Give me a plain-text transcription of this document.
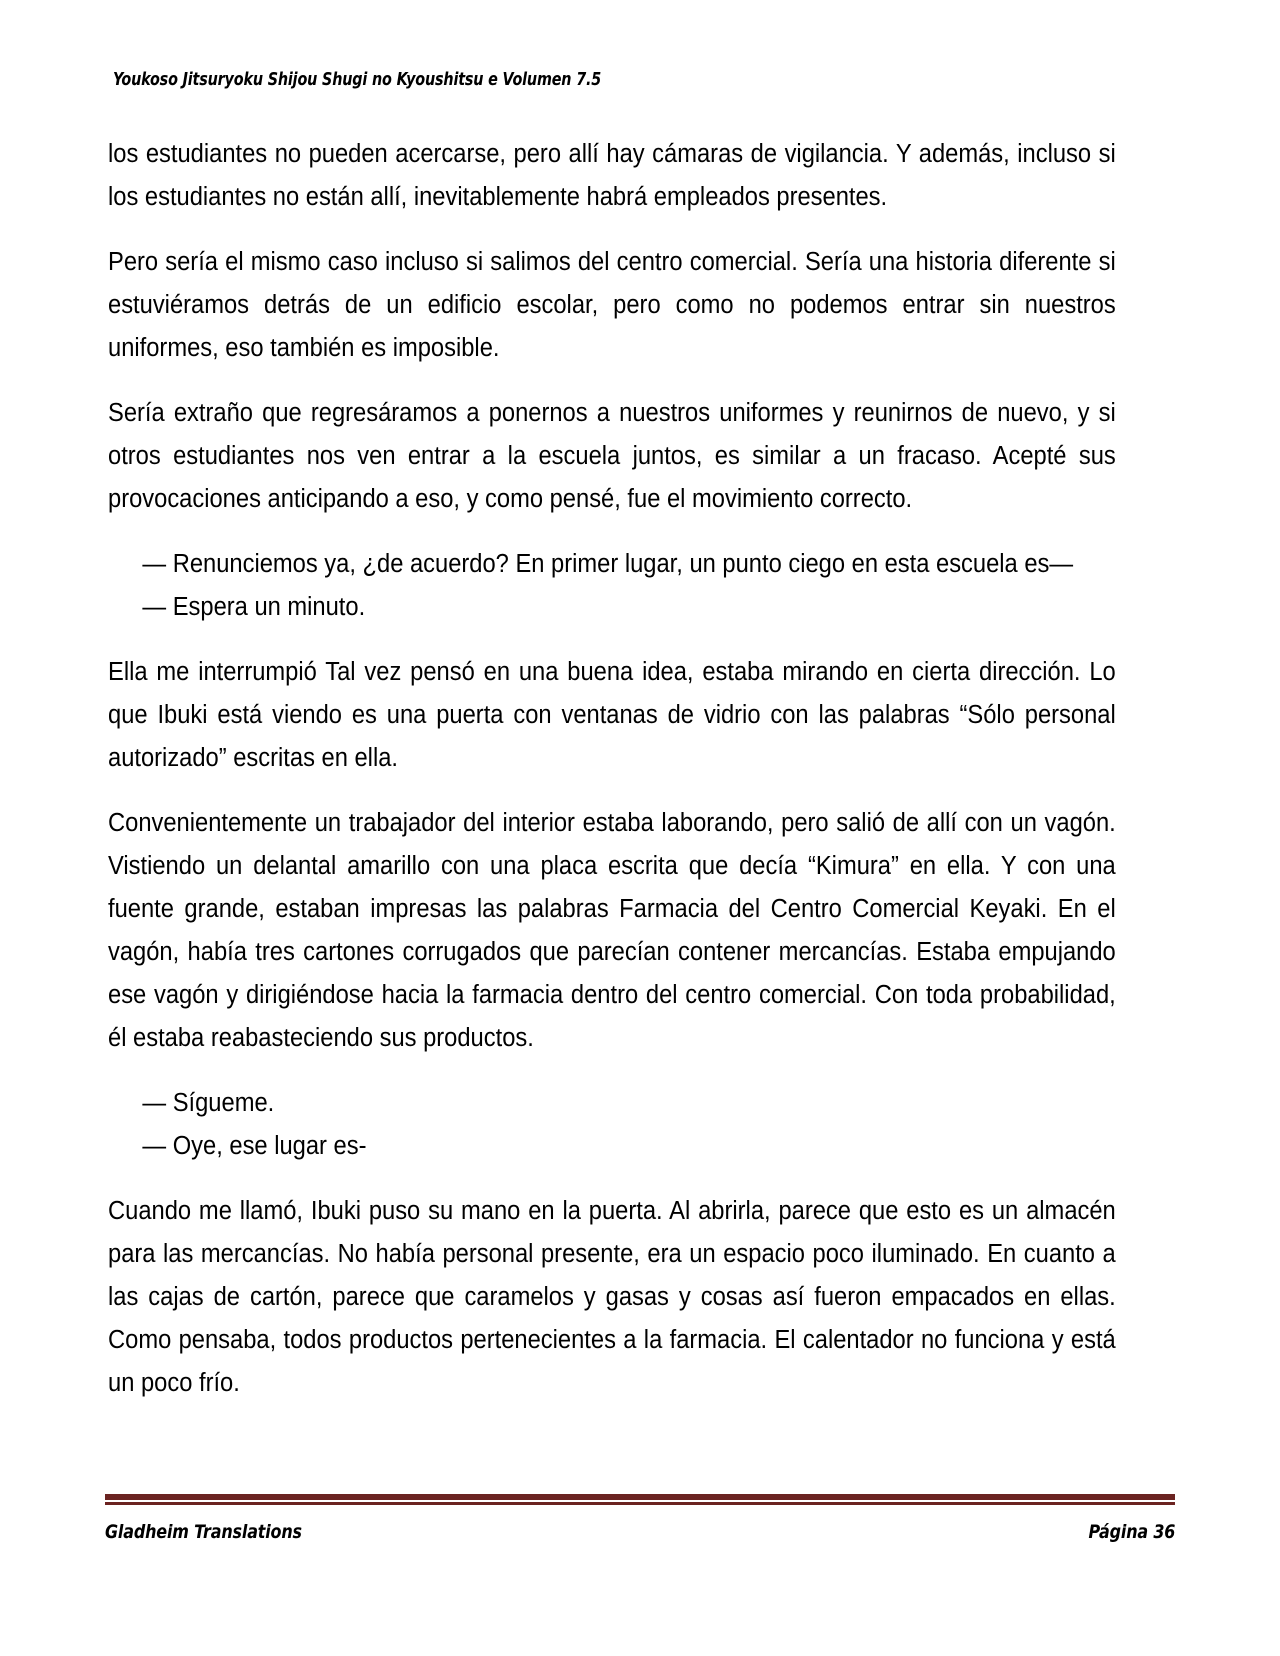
Youkoso Jitsuryoku Shijou Shugi no Kyoushitsu e Volumen 7.5

los estudiantes no pueden acercarse, pero allí hay cámaras de vigilancia. Y además, incluso si los estudiantes no están allí, inevitablemente habrá empleados presentes.

Pero sería el mismo caso incluso si salimos del centro comercial. Sería una historia diferente si estuviéramos detrás de un edificio escolar, pero como no podemos entrar sin nuestros uniformes, eso también es imposible.

Sería extraño que regresáramos a ponernos a nuestros uniformes y reunirnos de nuevo, y si otros estudiantes nos ven entrar a la escuela juntos, es similar a un fracaso. Acepté sus provocaciones anticipando a eso, y como pensé, fue el movimiento correcto.

— Renunciemos ya, ¿de acuerdo? En primer lugar, un punto ciego en esta escuela es—
— Espera un minuto.

Ella me interrumpió Tal vez pensó en una buena idea, estaba mirando en cierta dirección. Lo que Ibuki está viendo es una puerta con ventanas de vidrio con las palabras “Sólo personal autorizado” escritas en ella.

Convenientemente un trabajador del interior estaba laborando, pero salió de allí con un vagón. Vistiendo un delantal amarillo con una placa escrita que decía “Kimura” en ella. Y con una fuente grande, estaban impresas las palabras Farmacia del Centro Comercial Keyaki. En el vagón, había tres cartones corrugados que parecían contener mercancías. Estaba empujando ese vagón y dirigiéndose hacia la farmacia dentro del centro comercial. Con toda probabilidad, él estaba reabasteciendo sus productos.

— Sígueme.
— Oye, ese lugar es-

Cuando me llamó, Ibuki puso su mano en la puerta. Al abrirla, parece que esto es un almacén para las mercancías. No había personal presente, era un espacio poco iluminado. En cuanto a las cajas de cartón, parece que caramelos y gasas y cosas así fueron empacados en ellas. Como pensaba, todos productos pertenecientes a la farmacia. El calentador no funciona y está un poco frío.

Gladheim Translations	Página 36
